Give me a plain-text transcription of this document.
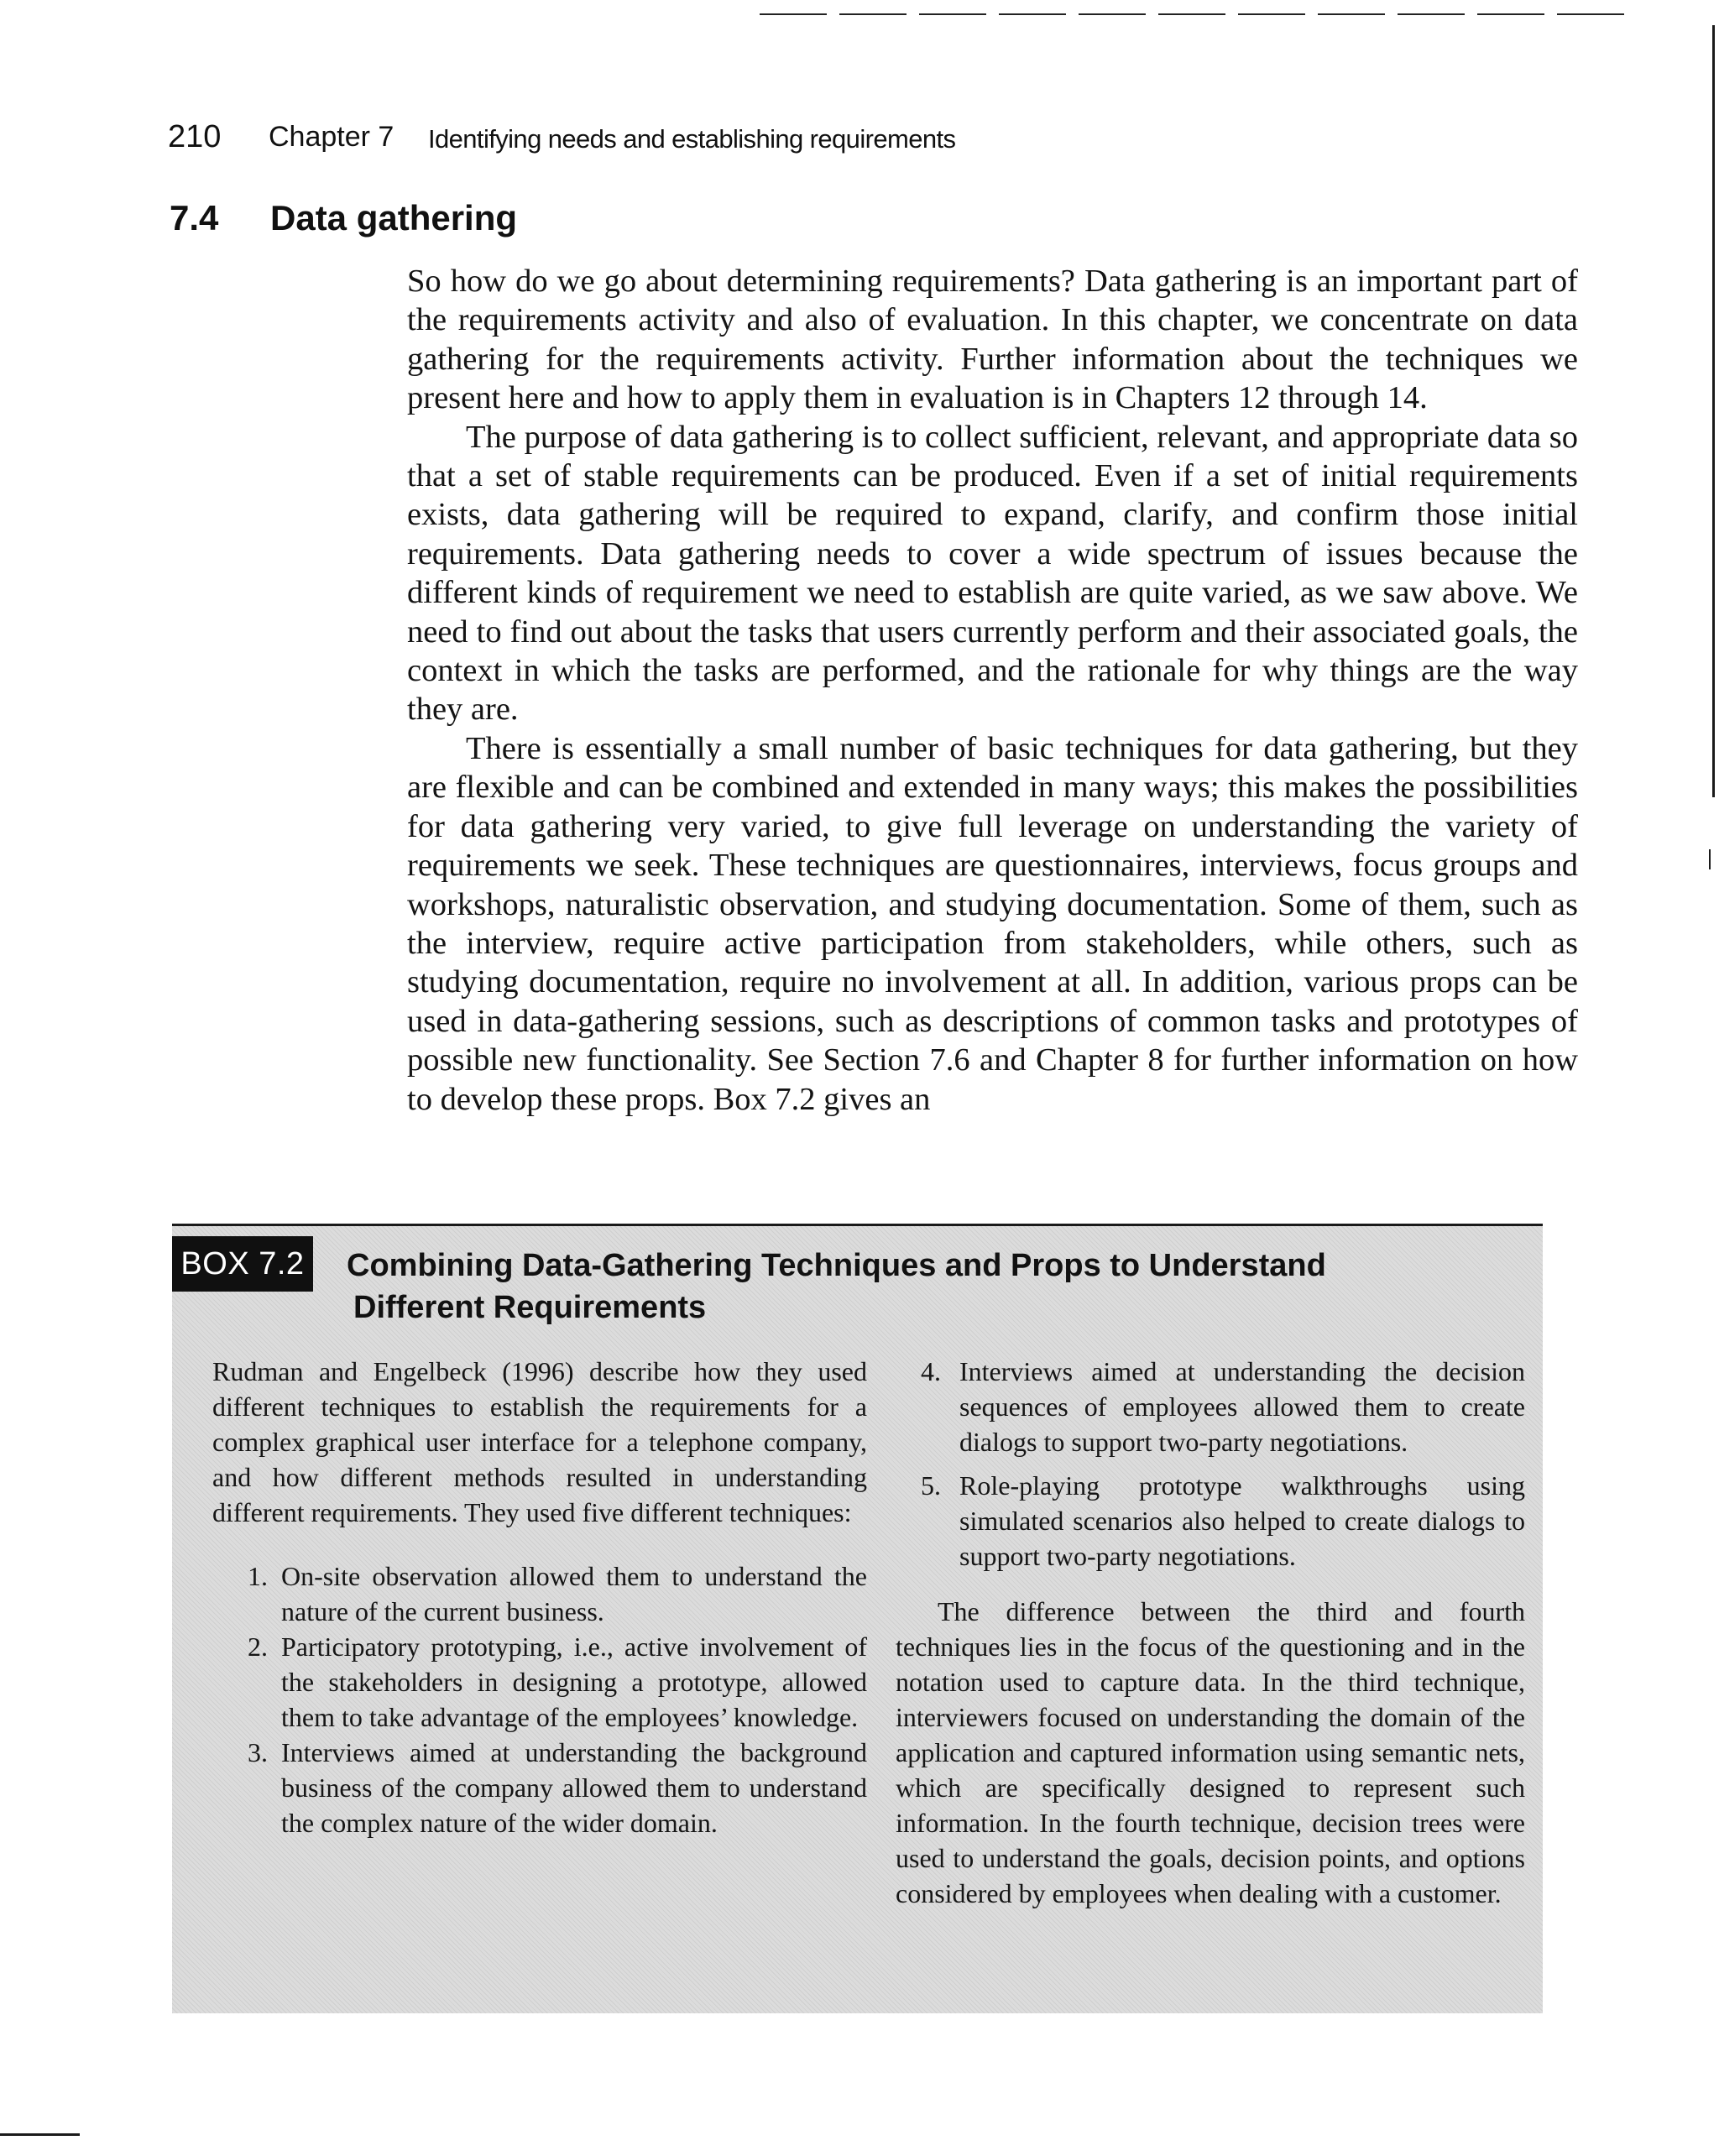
210 Chapter 7 Identifying needs and establishing requirements
7.4 Data gathering

So how do we go about determining requirements? Data gathering is an important part of the requirements activity and also of evaluation. In this chapter, we concentrate on data gathering for the requirements activity. Further information about the techniques we present here and how to apply them in evaluation is in Chapters 12 through 14.

The purpose of data gathering is to collect sufficient, relevant, and appropriate data so that a set of stable requirements can be produced. Even if a set of initial requirements exists, data gathering will be required to expand, clarify, and confirm those initial requirements. Data gathering needs to cover a wide spectrum of issues because the different kinds of requirement we need to establish are quite varied, as we saw above. We need to find out about the tasks that users currently perform and their associated goals, the context in which the tasks are performed, and the rationale for why things are the way they are.

There is essentially a small number of basic techniques for data gathering, but they are flexible and can be combined and extended in many ways; this makes the possibilities for data gathering very varied, to give full leverage on understanding the variety of requirements we seek. These techniques are questionnaires, interviews, focus groups and workshops, naturalistic observation, and studying documentation. Some of them, such as the interview, require active participation from stakeholders, while others, such as studying documentation, require no involvement at all. In addition, various props can be used in data-gathering sessions, such as descriptions of common tasks and prototypes of possible new functionality. See Section 7.6 and Chapter 8 for further information on how to develop these props. Box 7.2 gives an

BOX 7.2 Combining Data-Gathering Techniques and Props to Understand
Different Requirements

Rudman and Engelbeck (1996) describe how they used different techniques to establish the requirements for a complex graphical user interface for a telephone company, and how different methods resulted in understanding different requirements. They used five different techniques:

1. On-site observation allowed them to understand the nature of the current business.
2. Participatory prototyping, i.e., active involvement of the stakeholders in designing a prototype, allowed them to take advantage of the employees’ knowledge.
3. Interviews aimed at understanding the background business of the company allowed them to understand the complex nature of the wider domain.
4. Interviews aimed at understanding the decision sequences of employees allowed them to create dialogs to support two-party negotiations.
5. Role-playing prototype walkthroughs using simulated scenarios also helped to create dialogs to support two-party negotiations.

The difference between the third and fourth techniques lies in the focus of the questioning and in the notation used to capture data. In the third technique, interviewers focused on understanding the domain of the application and captured information using semantic nets, which are specifically designed to represent such information. In the fourth technique, decision trees were used to understand the goals, decision points, and options considered by employees when dealing with a customer.
